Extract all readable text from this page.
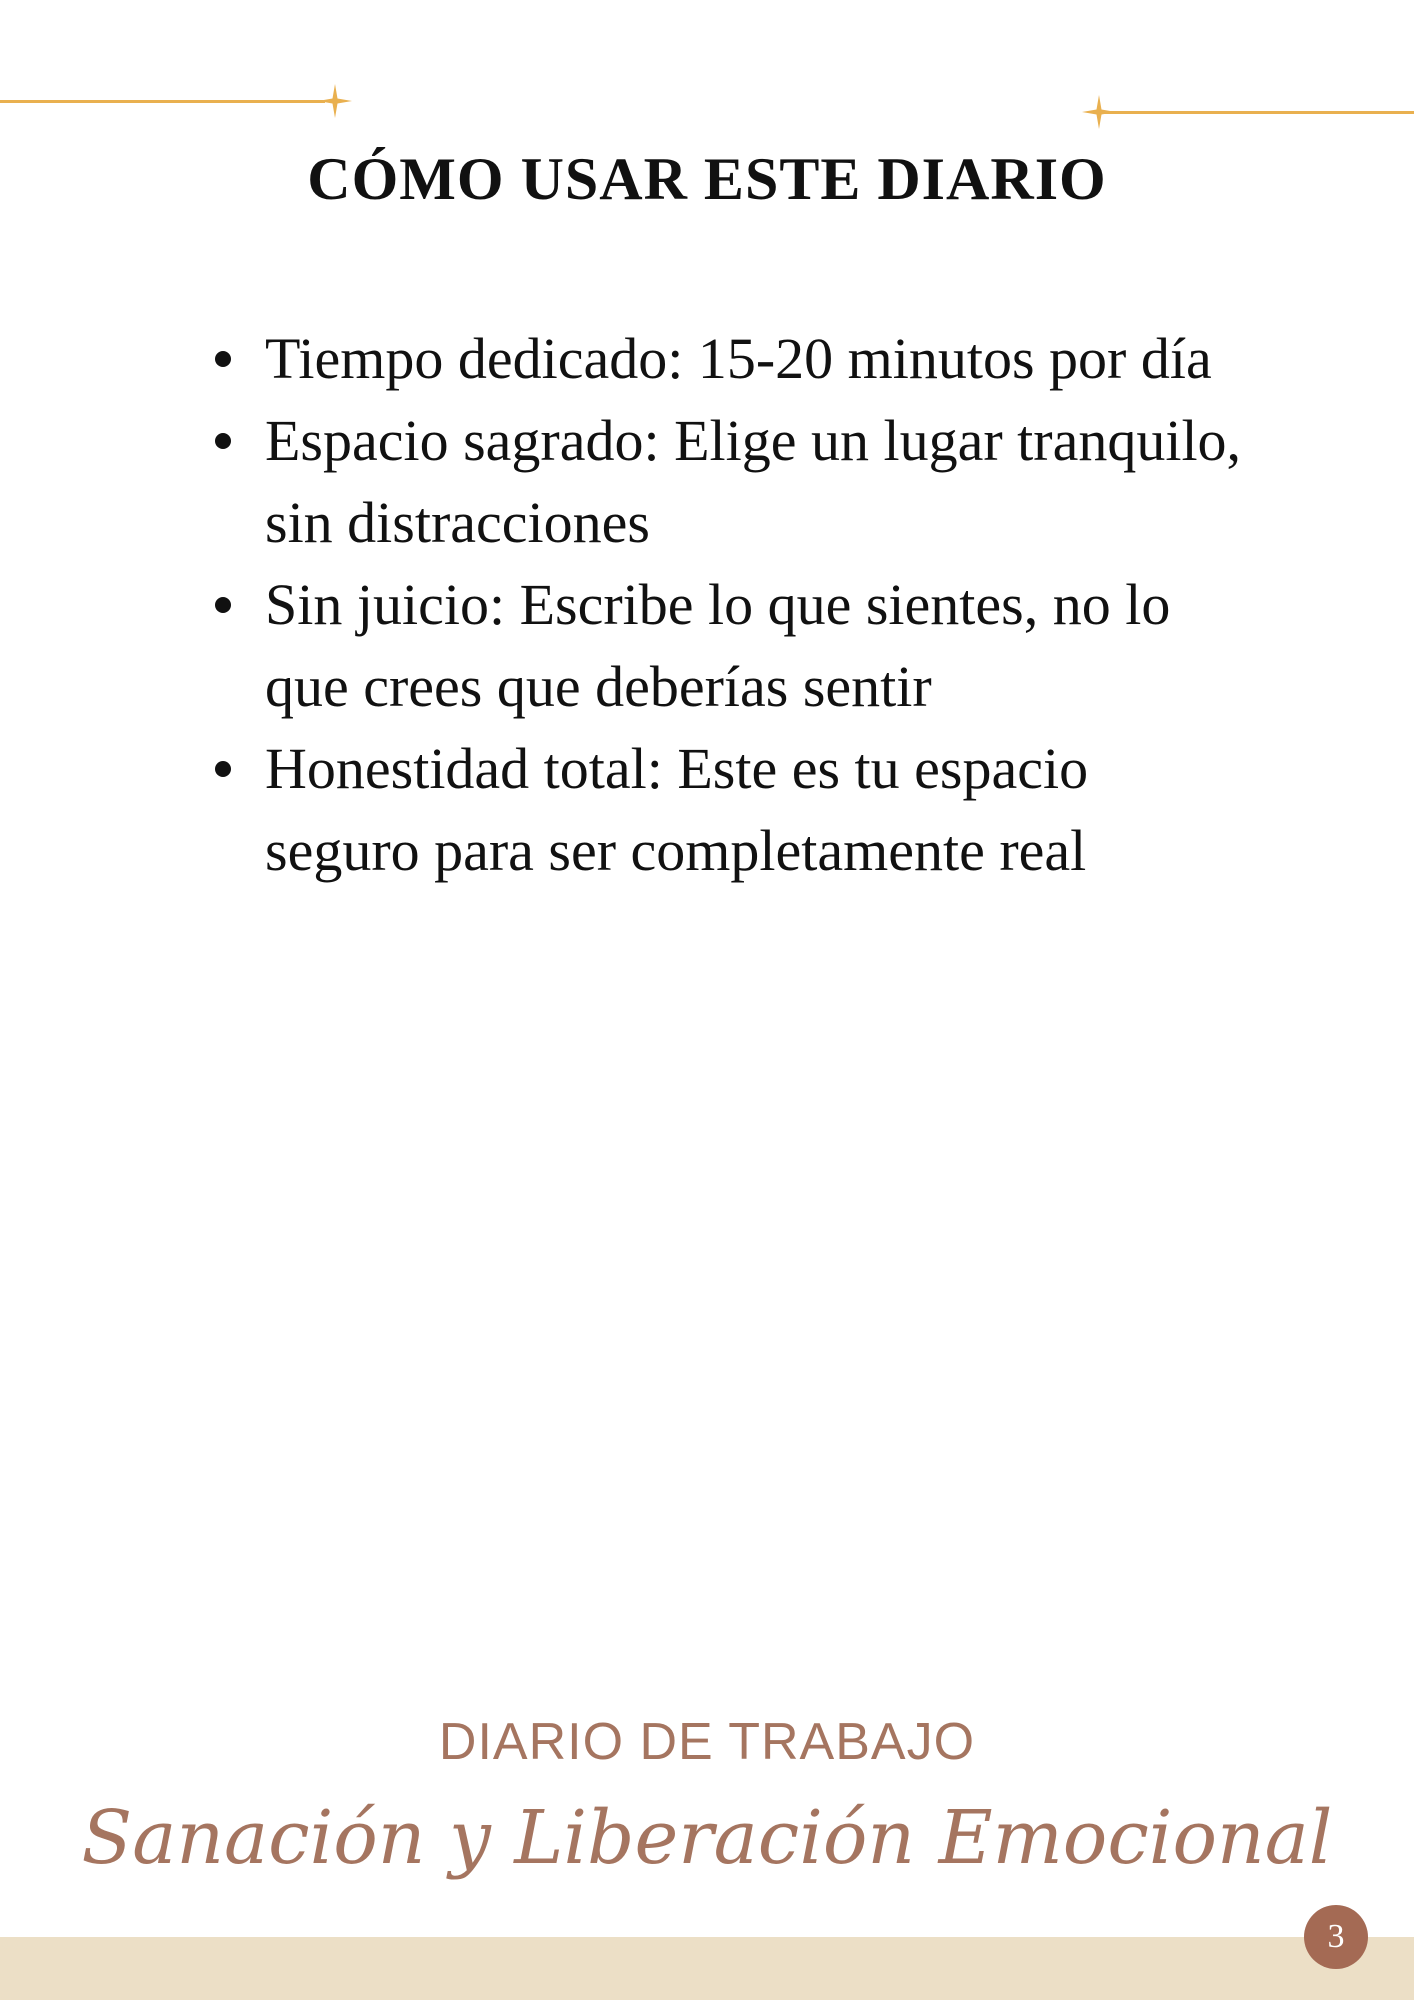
CÓMO USAR ESTE DIARIO
Tiempo dedicado: 15-20 minutos por día
Espacio sagrado: Elige un lugar tranquilo, sin distracciones
Sin juicio: Escribe lo que sientes, no lo que crees que deberías sentir
Honestidad total: Este es tu espacio seguro para ser completamente real
DIARIO DE TRABAJO
Sanación y Liberación Emocional
3
